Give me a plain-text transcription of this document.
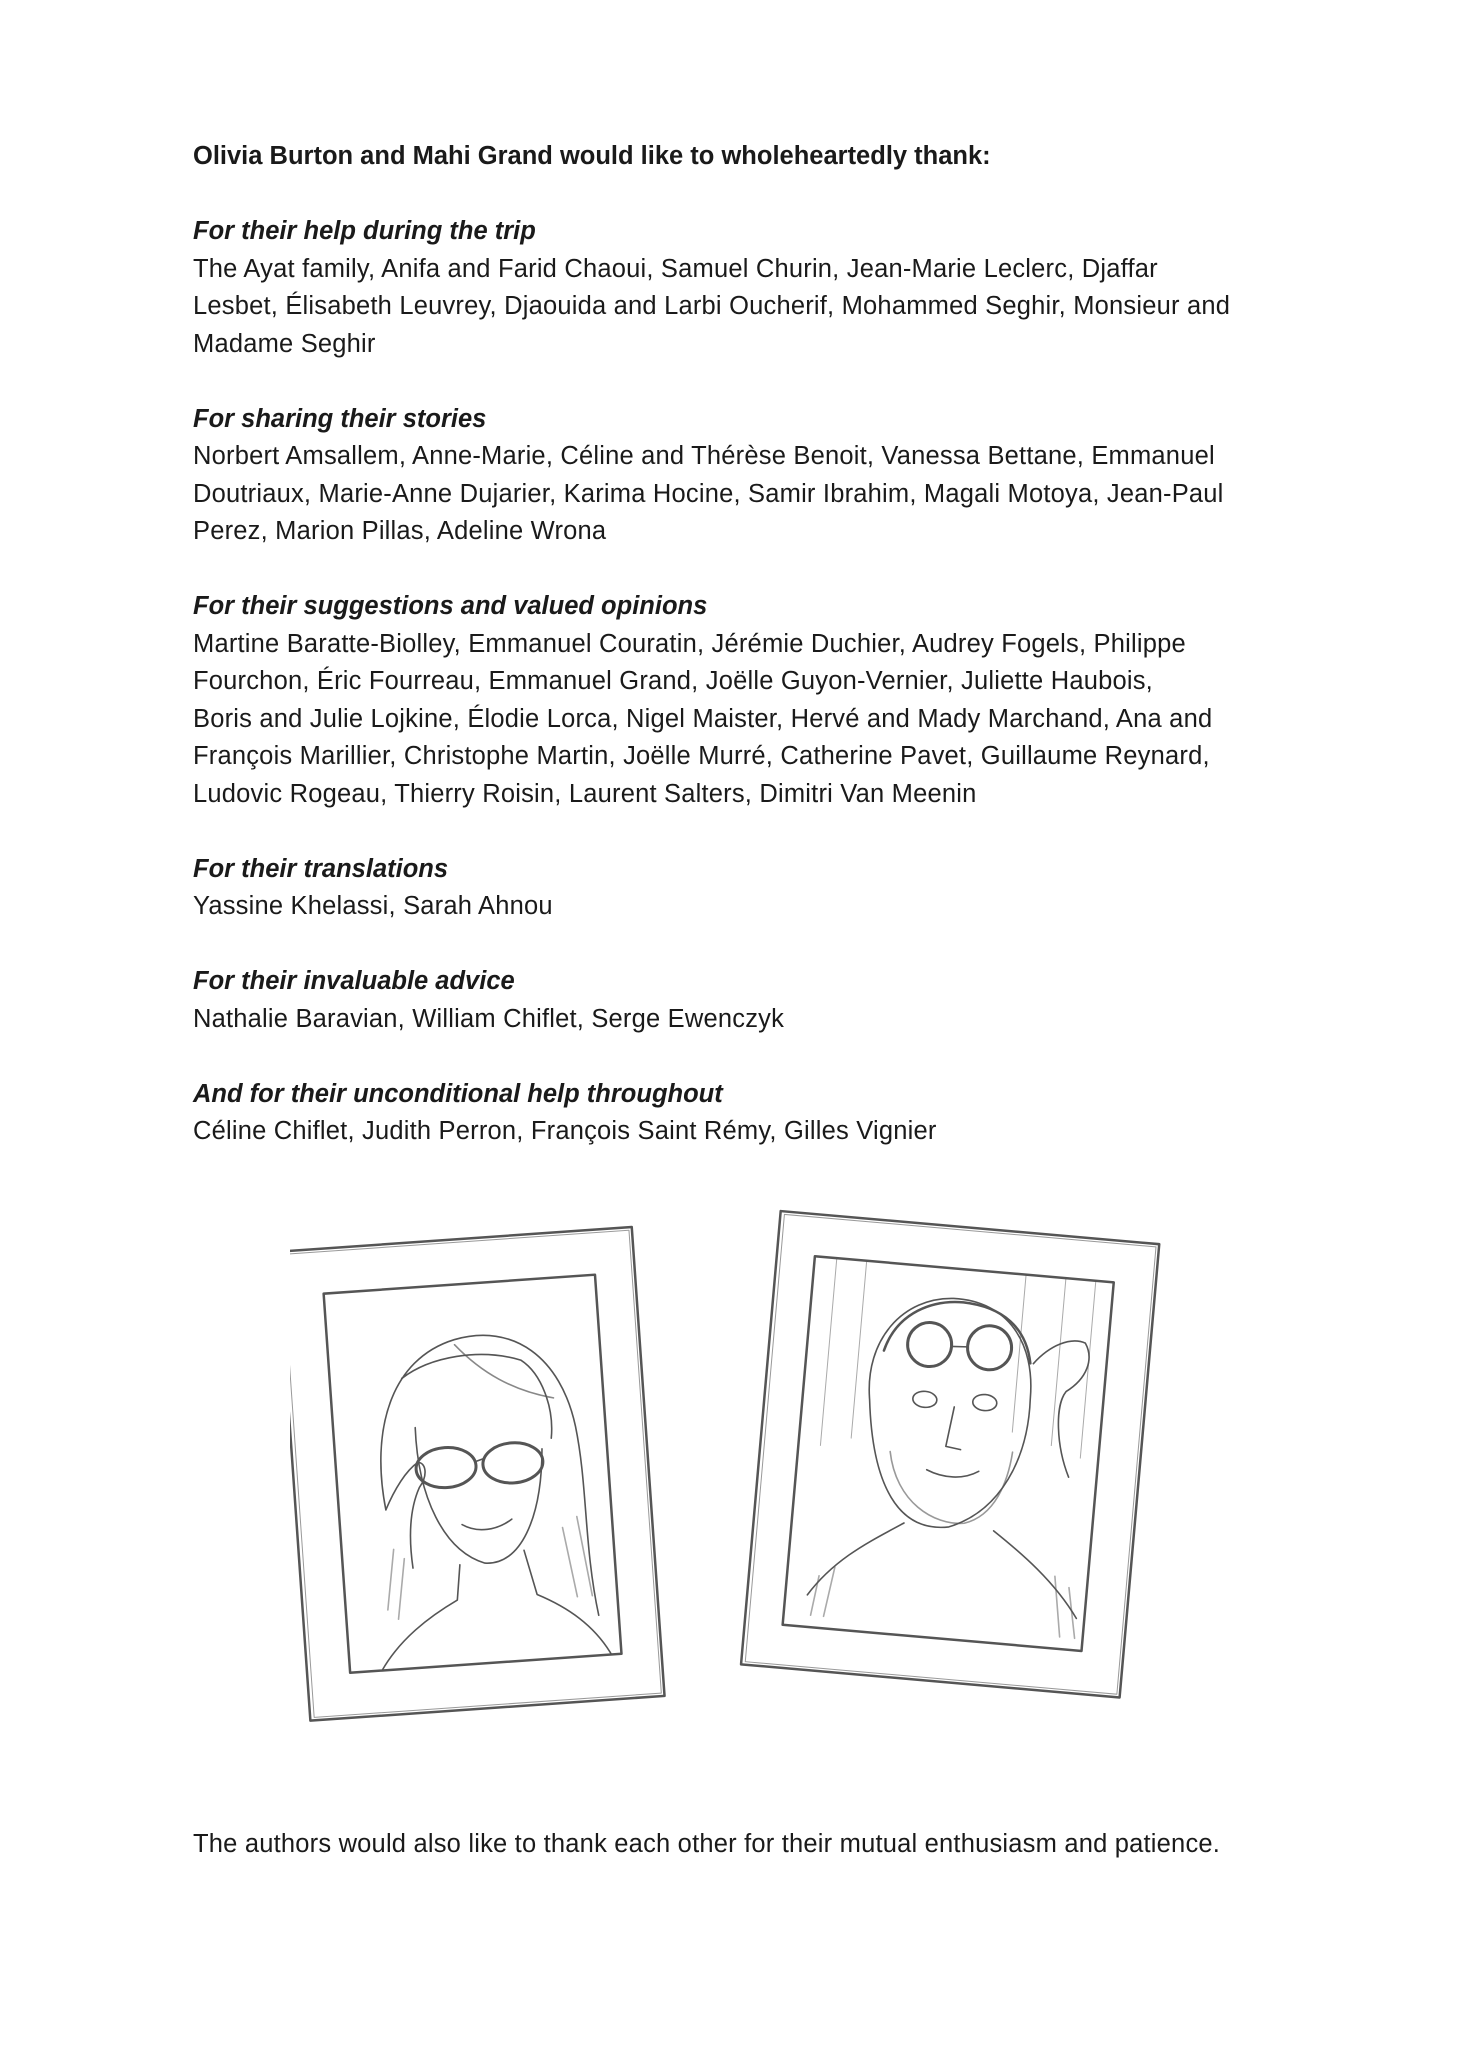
Olivia Burton and Mahi Grand would like to wholeheartedly thank:

For their help during the trip

The Ayat family, Anifa and Farid Chaoui, Samuel Churin, Jean-Marie Leclerc, Djaffar
Lesbet, Élisabeth Leuvrey, Djaouida and Larbi Oucherif, Mohammed Seghir, Monsieur and
Madame Seghir

For sharing their stories

Norbert Amsallem, Anne-Marie, Céline and Thérèse Benoit, Vanessa Bettane, Emmanuel
Doutriaux, Marie-Anne Dujarier, Karima Hocine, Samir Ibrahim, Magali Motoya, Jean-Paul
Perez, Marion Pillas, Adeline Wrona

For their suggestions and valued opinions

Martine Baratte-Biolley, Emmanuel Couratin, Jérémie Duchier, Audrey Fogels, Philippe
Fourchon, Éric Fourreau, Emmanuel Grand, Joëlle Guyon-Vernier, Juliette Haubois,
Boris and Julie Lojkine, Élodie Lorca, Nigel Maister, Hervé and Mady Marchand, Ana and
François Marillier, Christophe Martin, Joëlle Murré, Catherine Pavet, Guillaume Reynard,
Ludovic Rogeau, Thierry Roisin, Laurent Salters, Dimitri Van Meenin

For their translations

Yassine Khelassi, Sarah Ahnou

For their invaluable advice

Nathalie Baravian, William Chiflet, Serge Ewenczyk

And for their unconditional help throughout

Céline Chiflet, Judith Perron, François Saint Rémy, Gilles Vignier

The authors would also like to thank each other for their mutual enthusiasm and patience.
